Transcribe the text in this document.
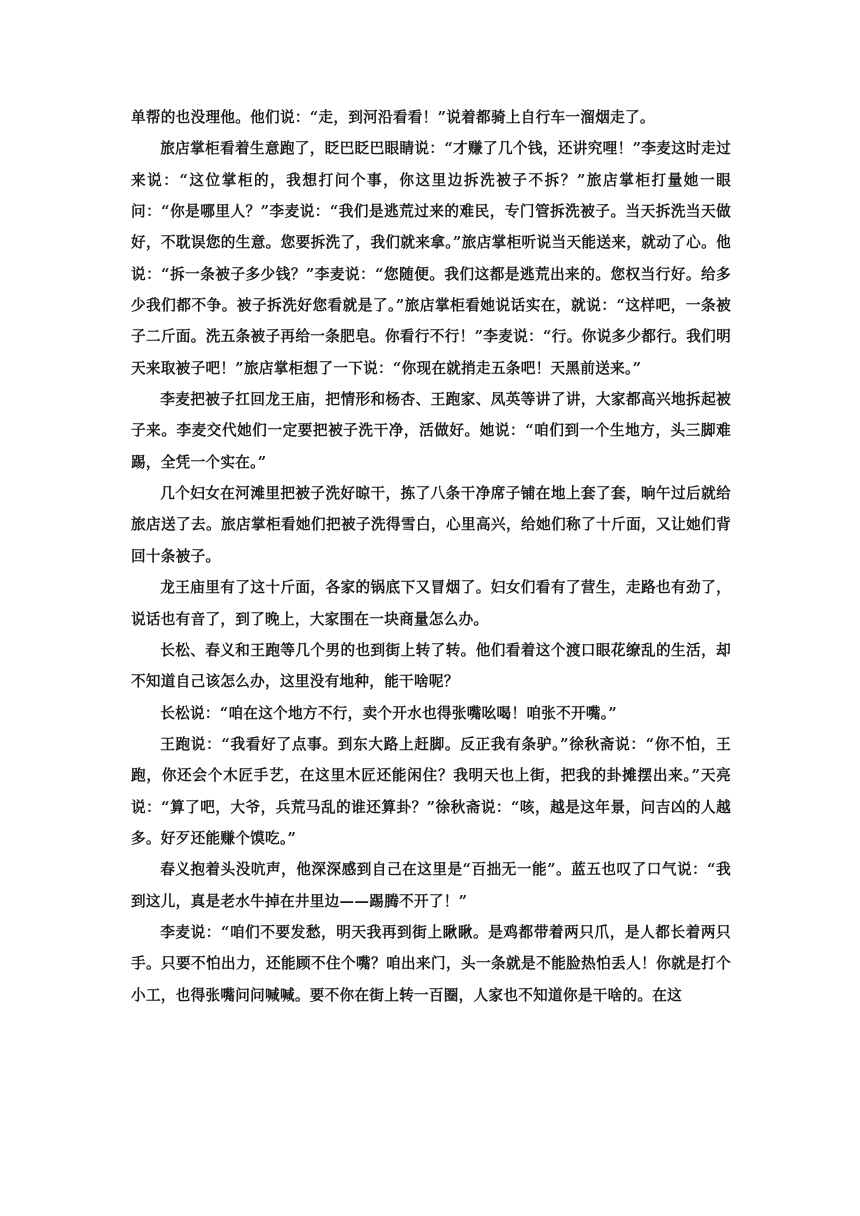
单帮的也没理他。他们说：“走，到河沿看看！”说着都骑上自行车一溜烟走了。

旅店掌柜看着生意跑了，眨巴眨巴眼睛说：“才赚了几个钱，还讲究哩！”李麦这时走过来说：“这位掌柜的，我想打问个事，你这里边拆洗被子不拆？”旅店掌柜打量她一眼问：“你是哪里人？”李麦说：“我们是逃荒过来的难民，专门管拆洗被子。当天拆洗当天做好，不耽误您的生意。您要拆洗了，我们就来拿。”旅店掌柜听说当天能送来，就动了心。他说：“拆一条被子多少钱？”李麦说：“您随便。我们这都是逃荒出来的。您权当行好。给多少我们都不争。被子拆洗好您看就是了。”旅店掌柜看她说话实在，就说：“这样吧，一条被子二斤面。洗五条被子再给一条肥皂。你看行不行！”李麦说：“行。你说多少都行。我们明天来取被子吧！”旅店掌柜想了一下说：“你现在就捎走五条吧！天黑前送来。”

李麦把被子扛回龙王庙，把情形和杨杏、王跑家、凤英等讲了讲，大家都高兴地拆起被子来。李麦交代她们一定要把被子洗干净，活做好。她说：“咱们到一个生地方，头三脚难踢，全凭一个实在。”

几个妇女在河滩里把被子洗好晾干，拣了八条干净席子铺在地上套了套，晌午过后就给旅店送了去。旅店掌柜看她们把被子洗得雪白，心里高兴，给她们称了十斤面，又让她们背回十条被子。

龙王庙里有了这十斤面，各家的锅底下又冒烟了。妇女们看有了营生，走路也有劲了，说话也有音了，到了晚上，大家围在一块商量怎么办。

长松、春义和王跑等几个男的也到街上转了转。他们看着这个渡口眼花缭乱的生活，却不知道自己该怎么办，这里没有地种，能干啥呢？

长松说：“咱在这个地方不行，卖个开水也得张嘴吆喝！咱张不开嘴。”

王跑说：“我看好了点事。到东大路上赶脚。反正我有条驴。”徐秋斋说：“你不怕，王跑，你还会个木匠手艺，在这里木匠还能闲住？我明天也上街，把我的卦摊摆出来。”天亮说：“算了吧，大爷，兵荒马乱的谁还算卦？”徐秋斋说：“咳，越是这年景，问吉凶的人越多。好歹还能赚个馍吃。”

春义抱着头没吭声，他深深感到自己在这里是“百拙无一能”。蓝五也叹了口气说：“我到这儿，真是老水牛掉在井里边——踢腾不开了！”

李麦说：“咱们不要发愁，明天我再到街上瞅瞅。是鸡都带着两只爪，是人都长着两只手。只要不怕出力，还能顾不住个嘴？咱出来门，头一条就是不能脸热怕丢人！你就是打个小工，也得张嘴问问喊喊。要不你在街上转一百圈，人家也不知道你是干啥的。在这
